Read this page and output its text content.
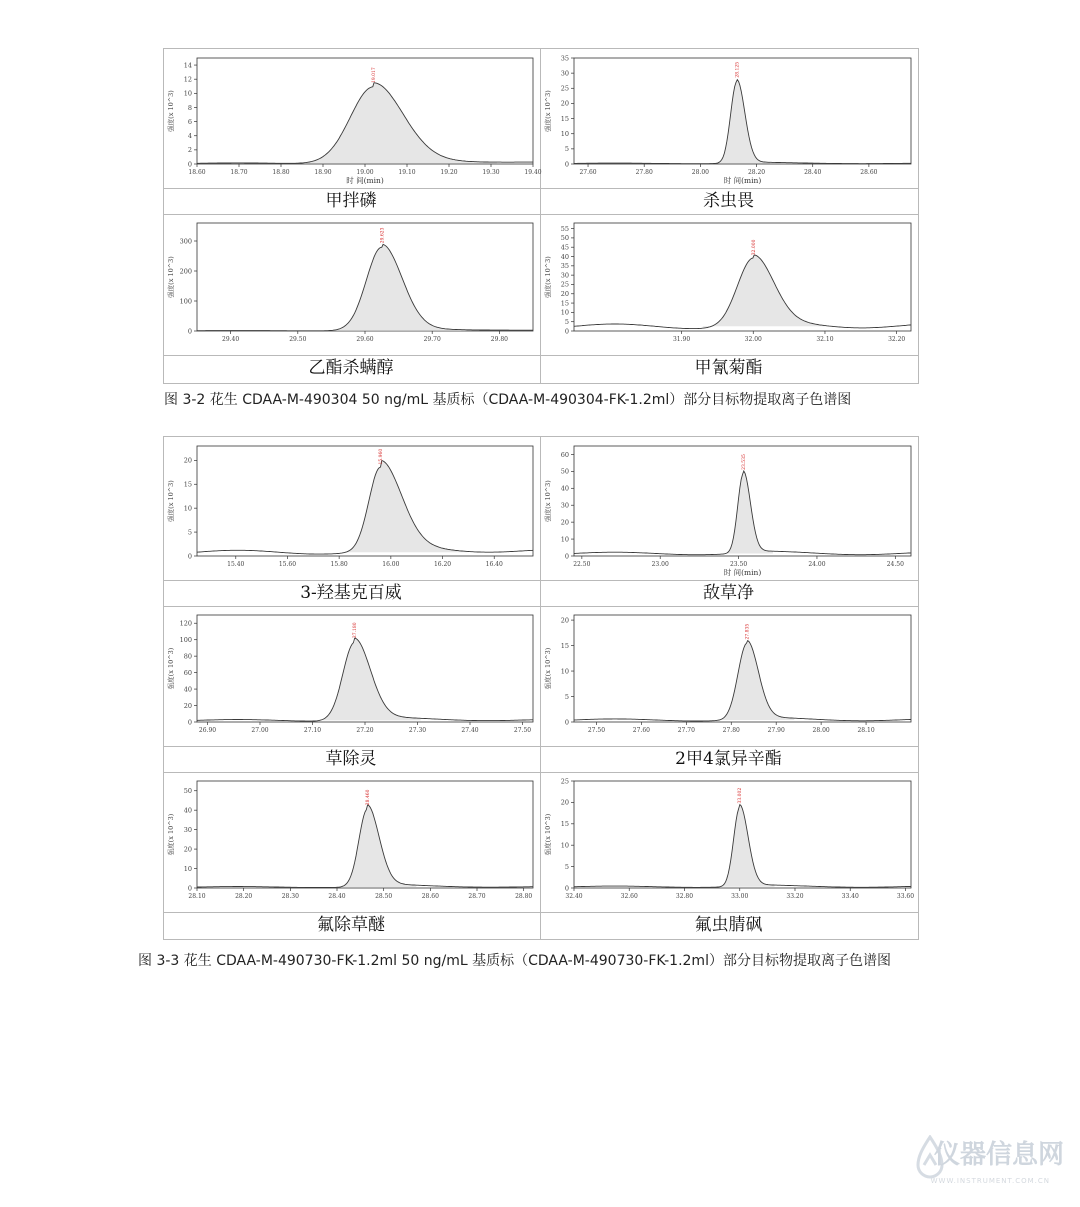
强度(x 10^3)
0
2
4
6
8
10
12
14
18.60	18.70	18.80	18.90	19.00	19.10	19.20	19.30	19.40
时 间(min)
19.017
强度(x 10^3)
0
5
10
15
20
25
30
35
27.60	27.80	28.00	28.20	28.40	28.60
时 间(min)
28.125
甲拌磷	杀虫畏
强度(x 10^3)
0
100
200
300
29.40	29.50	29.60	29.70	29.80
29.623
强度(x 10^3)
0
5
10
15
20
25
30
35
40
45
50
55
31.90	32.00	32.10	32.20
32.000
乙酯杀螨醇	甲氰菊酯
图 3-2 花生 CDAA-M-490304 50 ng/mL 基质标（CDAA-M-490304-FK-1.2ml）部分目标物提取离子色谱图
强度(x 10^3)
0
5
10
15
20
15.40	15.60	15.80	16.00	16.20	16.40
15.960
强度(x 10^3)
0
10
20
30
40
50
60
22.50	23.00	23.50	24.00	24.50
时 间(min)
23.535
3-羟基克百威	敌草净
强度(x 10^3)
0
20
40
60
80
100
120
26.90	27.00	27.10	27.20	27.30	27.40	27.50
27.180
强度(x 10^3)
0
5
10
15
20
27.50	27.60	27.70	27.80	27.90	28.00	28.10
27.835
草除灵	2甲4氯异辛酯
强度(x 10^3)
0
10
20
30
40
50
28.10	28.20	28.30	28.40	28.50	28.60	28.70	28.80
28.460
强度(x 10^3)
0
5
10
15
20
25
32.40	32.60	32.80	33.00	33.20	33.40	33.60
33.002
氟除草醚	氟虫腈砜
图 3-3 花生 CDAA-M-490730-FK-1.2ml 50 ng/mL 基质标（CDAA-M-490730-FK-1.2ml）部分目标物提取离子色谱图
仪器信息网
WWW.INSTRUMENT.COM.CN
